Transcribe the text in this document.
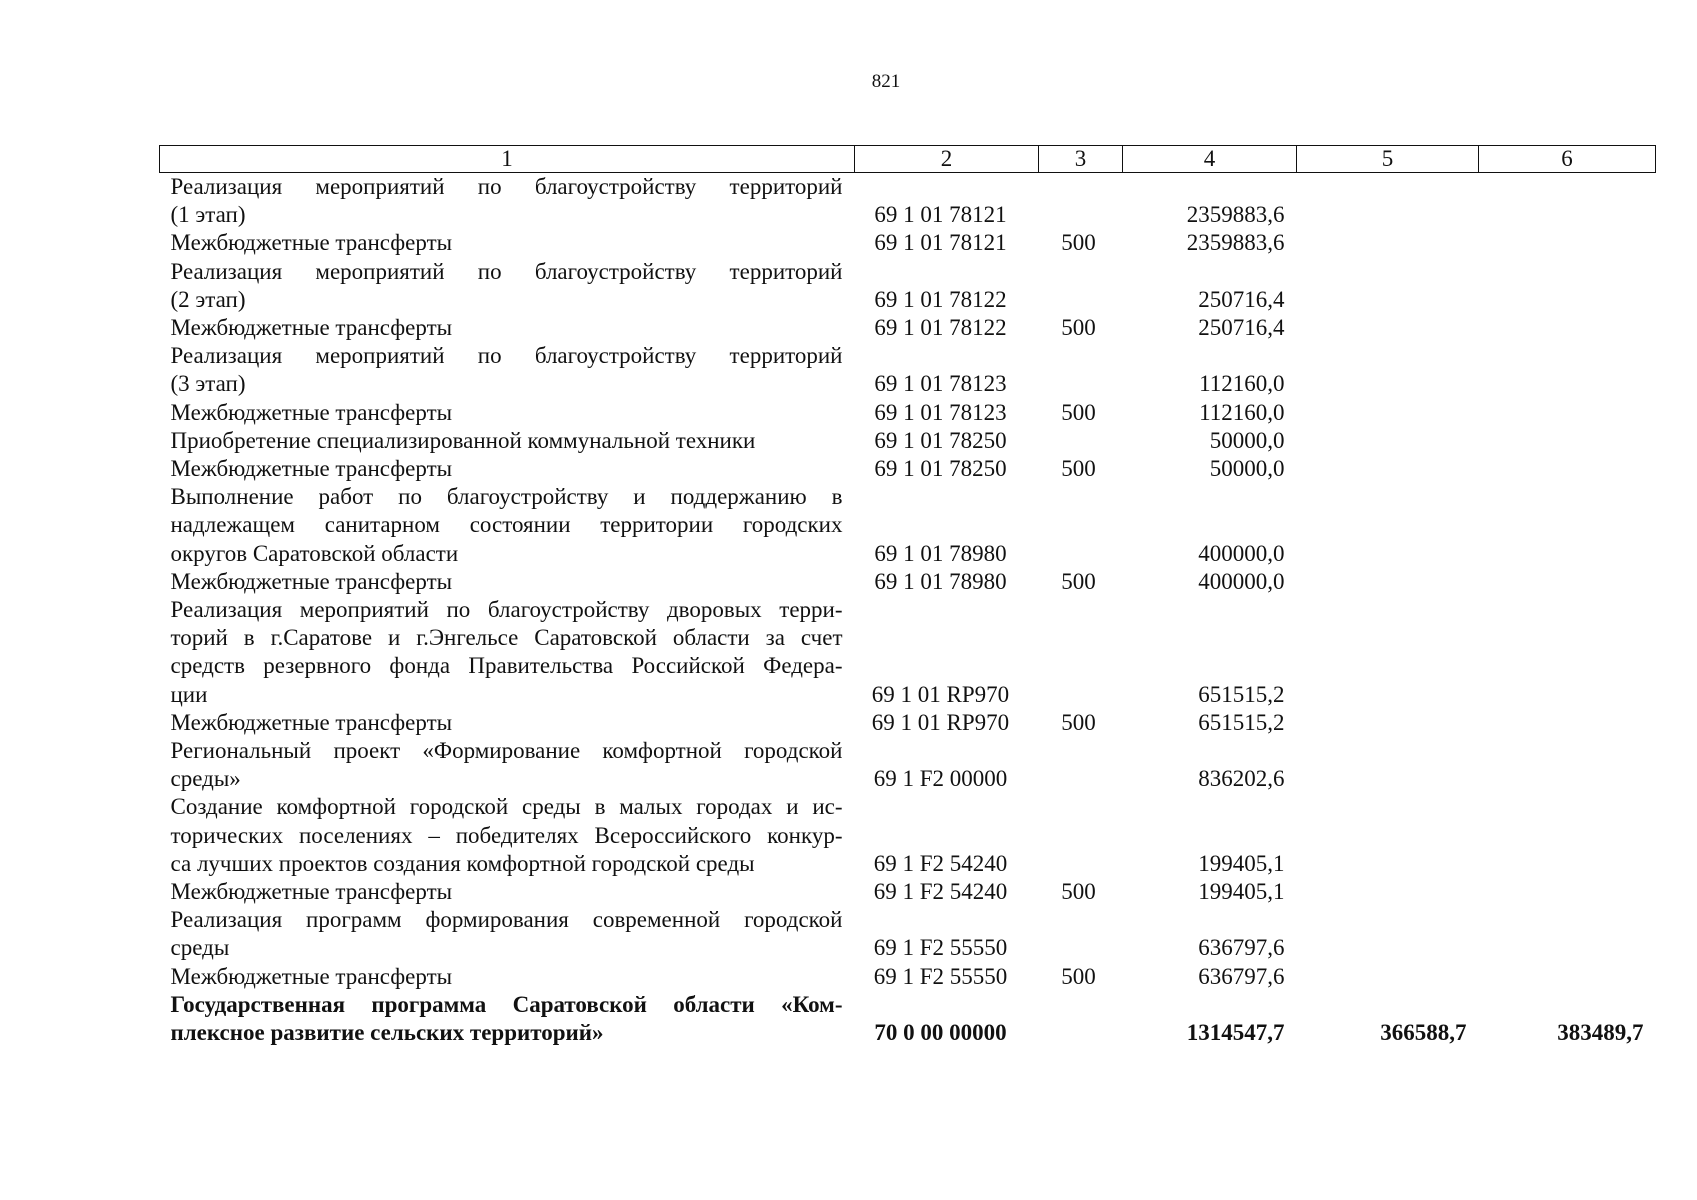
821
1	2	3	4	5	6

Реализация мероприятий по благоустройству территорий
(1 этап)	69 1 01 78121		2359883,6		

Межбюджетные трансферты	69 1 01 78121	500	2359883,6		

Реализация мероприятий по благоустройству территорий
(2 этап)	69 1 01 78122		250716,4		

Межбюджетные трансферты	69 1 01 78122	500	250716,4		

Реализация мероприятий по благоустройству территорий
(3 этап)	69 1 01 78123		112160,0		

Межбюджетные трансферты	69 1 01 78123	500	112160,0		

Приобретение специализированной коммунальной техники	69 1 01 78250		50000,0		

Межбюджетные трансферты	69 1 01 78250	500	50000,0		

Выполнение работ по благоустройству и поддержанию в
надлежащем санитарном состоянии территории городских
округов Саратовской области	69 1 01 78980		400000,0		

Межбюджетные трансферты	69 1 01 78980	500	400000,0		

Реализация мероприятий по благоустройству дворовых терри-
торий в г.Саратове и г.Энгельсе Саратовской области за счет
средств резервного фонда Правительства Российской Федера-
ции	69 1 01 RP970		651515,2		

Межбюджетные трансферты	69 1 01 RP970	500	651515,2		

Региональный проект «Формирование комфортной городской
среды»	69 1 F2 00000		836202,6		

Создание комфортной городской среды в малых городах и ис-
торических поселениях – победителях Всероссийского конкур-
са лучших проектов создания комфортной городской среды	69 1 F2 54240		199405,1		

Межбюджетные трансферты	69 1 F2 54240	500	199405,1		

Реализация программ формирования современной городской
среды	69 1 F2 55550		636797,6		

Межбюджетные трансферты	69 1 F2 55550	500	636797,6		

Государственная программа Саратовской области «Ком-
плексное развитие сельских территорий»	70 0 00 00000		1314547,7	366588,7	383489,7
